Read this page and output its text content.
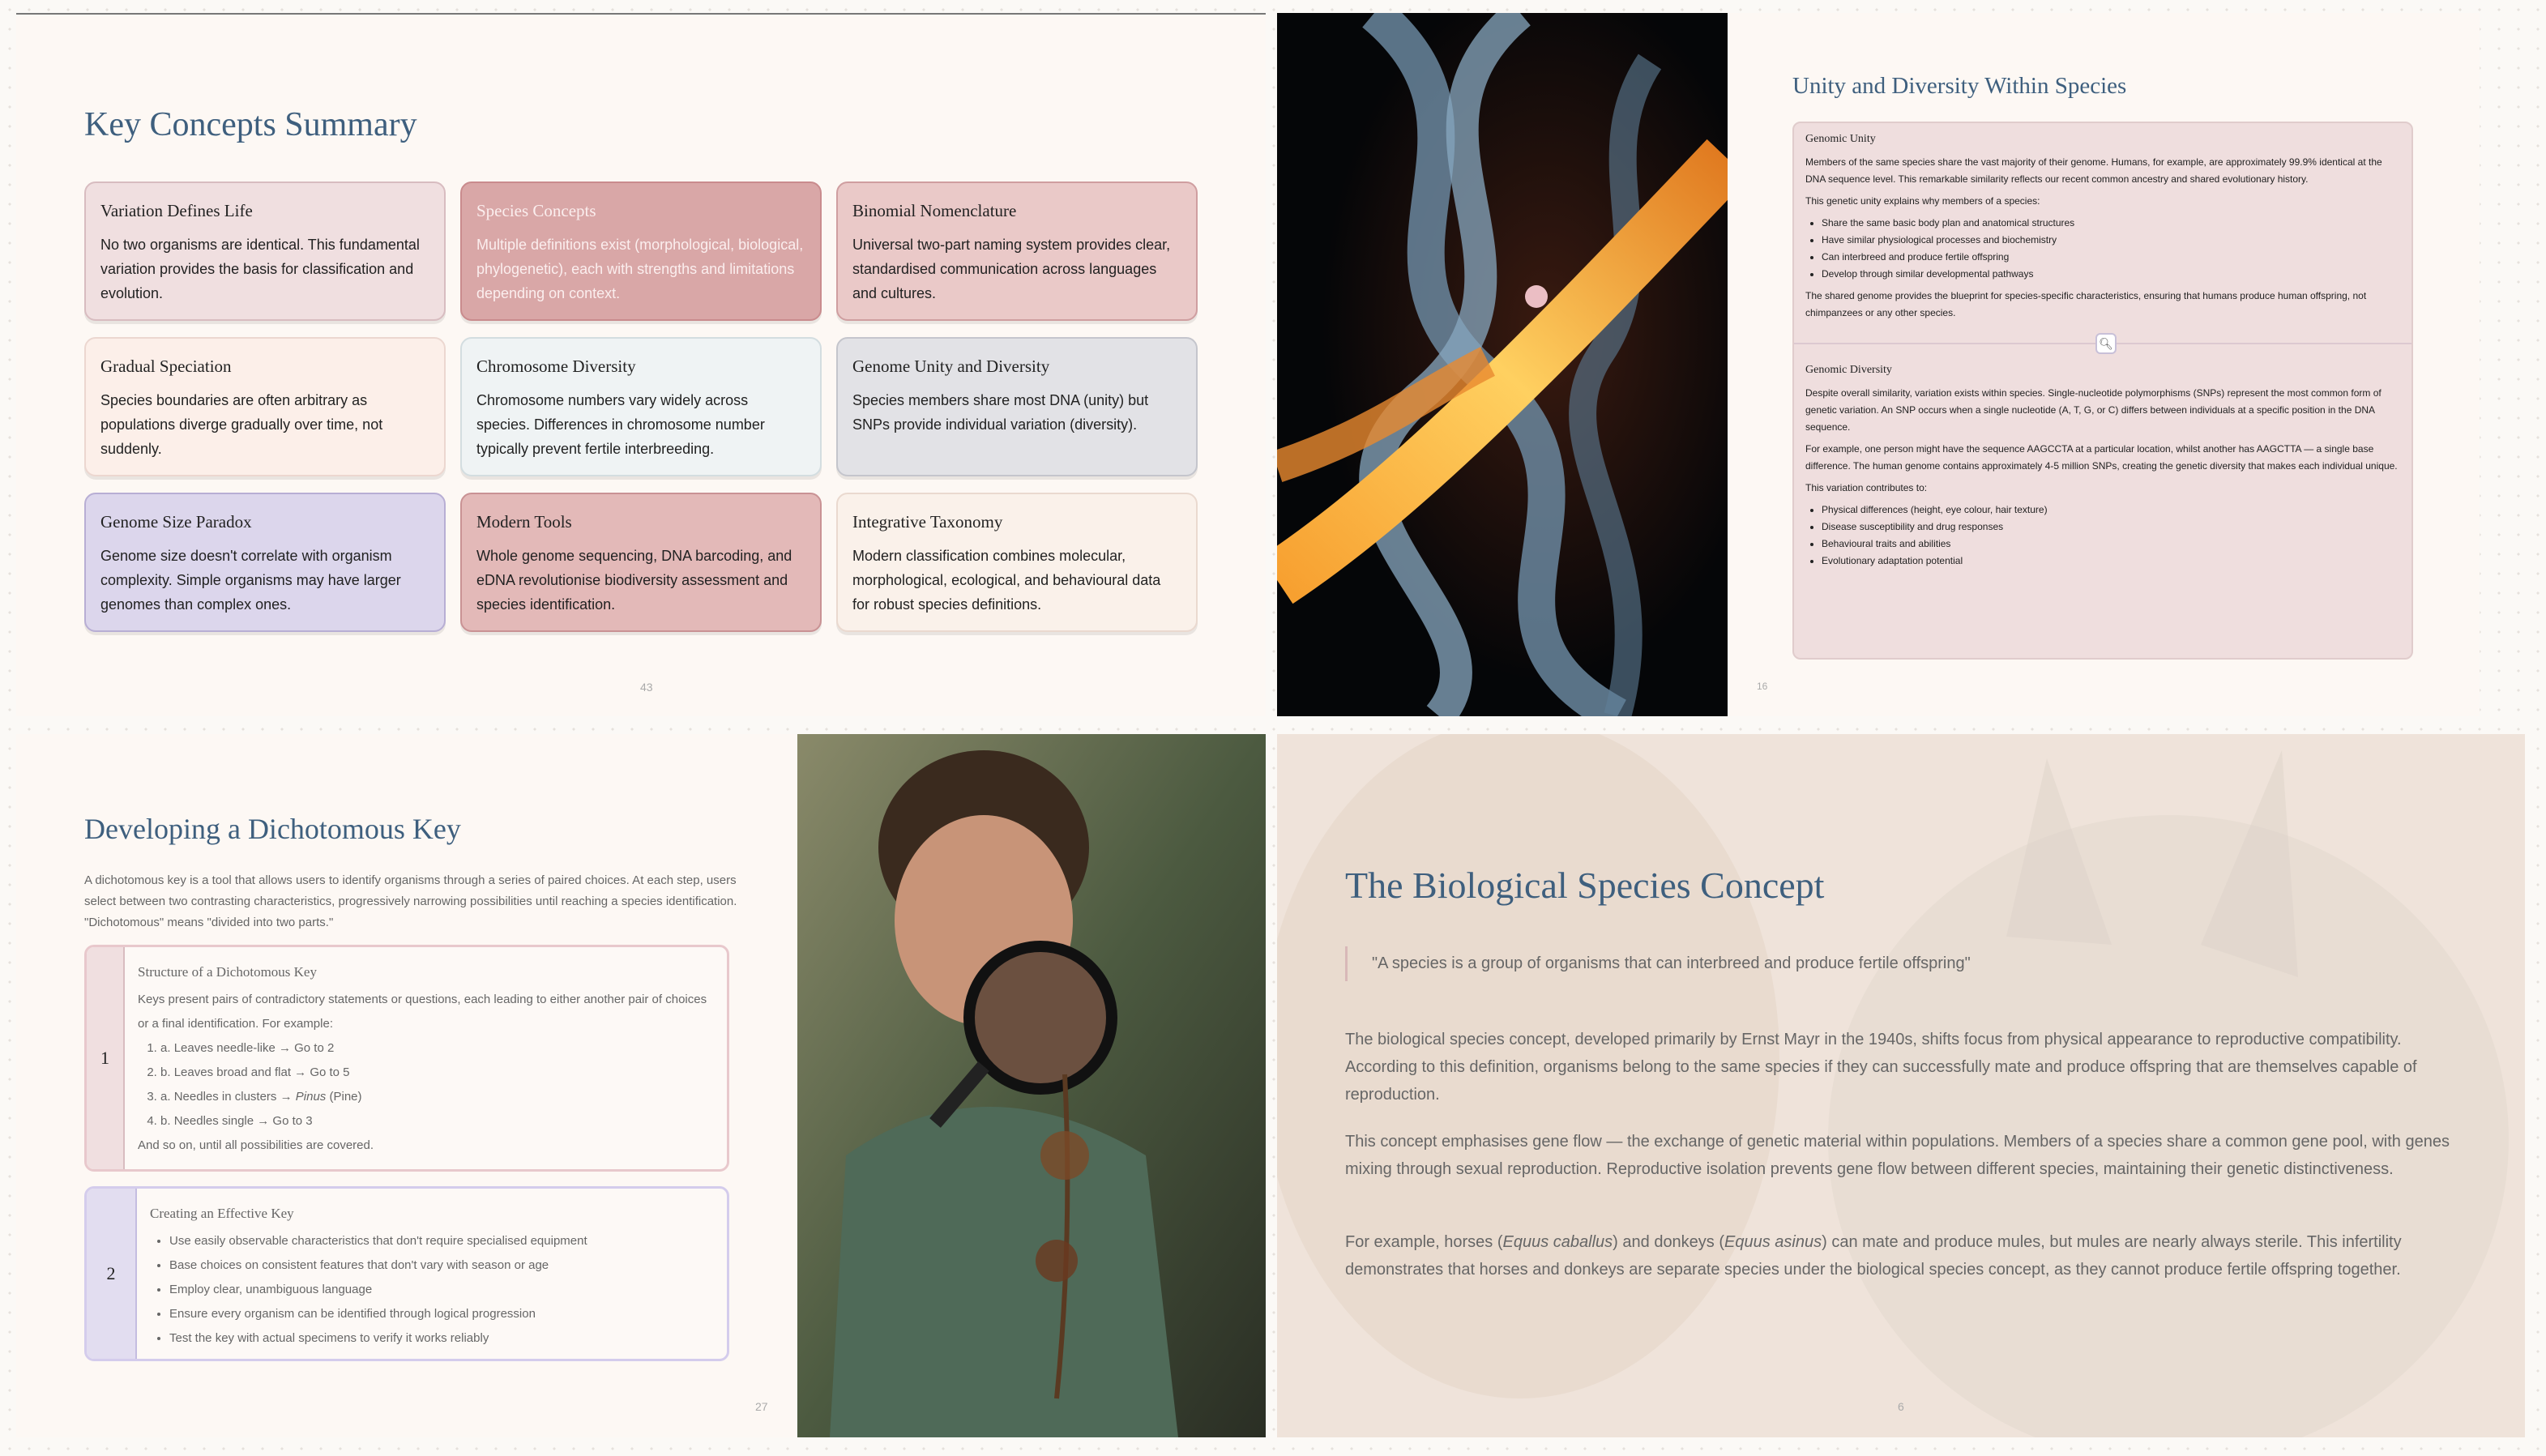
Key Concepts Summary
Variation Defines Life

No two organisms are identical. This fundamental variation provides the basis for classification and evolution.

Species Concepts

Multiple definitions exist (morphological, biological, phylogenetic), each with strengths and limitations depending on context.

Binomial Nomenclature

Universal two-part naming system provides clear, standardised communication across languages and cultures.

Gradual Speciation

Species boundaries are often arbitrary as populations diverge gradually over time, not suddenly.

Chromosome Diversity

Chromosome numbers vary widely across species. Differences in chromosome number typically prevent fertile interbreeding.

Genome Unity and Diversity

Species members share most DNA (unity) but SNPs provide individual variation (diversity).

Genome Size Paradox

Genome size doesn't correlate with organism complexity. Simple organisms may have larger genomes than complex ones.

Modern Tools

Whole genome sequencing, DNA barcoding, and eDNA revolutionise biodiversity assessment and species identification.

Integrative Taxonomy

Modern classification combines molecular, morphological, ecological, and behavioural data for robust species definitions.

43
Unity and Diversity Within Species
Genomic Unity

Members of the same species share the vast majority of their genome. Humans, for example, are approximately 99.9% identical at the DNA sequence level. This remarkable similarity reflects our recent common ancestry and shared evolutionary history.

This genetic unity explains why members of a species:

• Share the same basic body plan and anatomical structures
• Have similar physiological processes and biochemistry
• Can interbreed and produce fertile offspring
• Develop through similar developmental pathways

The shared genome provides the blueprint for species-specific characteristics, ensuring that humans produce human offspring, not chimpanzees or any other species.

🔍︎
Genomic Diversity

Despite overall similarity, variation exists within species. Single-nucleotide polymorphisms (SNPs) represent the most common form of genetic variation. An SNP occurs when a single nucleotide (A, T, G, or C) differs between individuals at a specific position in the DNA sequence.

For example, one person might have the sequence AAGCCTA at a particular location, whilst another has AAGCTTA — a single base difference. The human genome contains approximately 4-5 million SNPs, creating the genetic diversity that makes each individual unique.

This variation contributes to:

• Physical differences (height, eye colour, hair texture)
• Disease susceptibility and drug responses
• Behavioural traits and abilities
• Evolutionary adaptation potential
16
Developing a Dichotomous Key

A dichotomous key is a tool that allows users to identify organisms through a series of paired choices. At each step, users select between two contrasting characteristics, progressively narrowing possibilities until reaching a species identification. "Dichotomous" means "divided into two parts."

1
Structure of a Dichotomous Key

Keys present pairs of contradictory statements or questions, each leading to either another pair of choices or a final identification. For example:

1. a. Leaves needle-like → Go to 2
2. b. Leaves broad and flat → Go to 5
3. a. Needles in clusters → Pinus (Pine)
4. b. Needles single → Go to 3

And so on, until all possibilities are covered.

2
Creating an Effective Key
• Use easily observable characteristics that don't require specialised equipment
• Base choices on consistent features that don't vary with season or age
• Employ clear, unambiguous language
• Ensure every organism can be identified through logical progression
• Test the key with actual specimens to verify it works reliably
27
The Biological Species Concept
"A species is a group of organisms that can interbreed and produce fertile offspring"

The biological species concept, developed primarily by Ernst Mayr in the 1940s, shifts focus from physical appearance to reproductive compatibility. According to this definition, organisms belong to the same species if they can successfully mate and produce offspring that are themselves capable of reproduction.

This concept emphasises gene flow — the exchange of genetic material within populations. Members of a species share a common gene pool, with genes mixing through sexual reproduction. Reproductive isolation prevents gene flow between different species, maintaining their genetic distinctiveness.

For example, horses (Equus caballus) and donkeys (Equus asinus) can mate and produce mules, but mules are nearly always sterile. This infertility demonstrates that horses and donkeys are separate species under the biological species concept, as they cannot produce fertile offspring together.

6
